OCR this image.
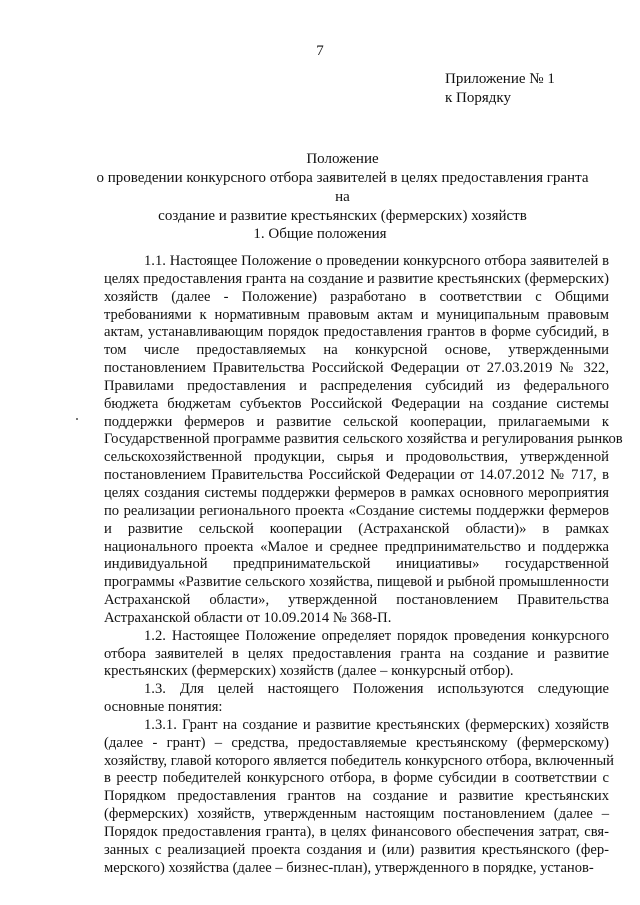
7
Приложение № 1
к Порядку
Положение
о проведении конкурсного отбора заявителей в целях предоставления гранта на
создание и развитие крестьянских (фермерских) хозяйств
1. Общие положения
1.1. Настоящее Положение о проведении конкурсного отбора заявителей в
целях предоставления гранта на создание и развитие крестьянских (фермерских)
хозяйств (далее - Положение) разработано в соответствии с Общими
требованиями к нормативным правовым актам и муниципальным правовым
актам, устанавливающим порядок предоставления грантов в форме субсидий, в
том числе предоставляемых на конкурсной основе, утвержденными
постановлением Правительства Российской Федерации от 27.03.2019 № 322,
Правилами предоставления и распределения субсидий из федерального
бюджета бюджетам субъектов Российской Федерации на создание системы
поддержки фермеров и развитие сельской кооперации, прилагаемыми к
Государственной программе развития сельского хозяйства и регулирования рынков
сельскохозяйственной продукции, сырья и продовольствия, утвержденной
постановлением Правительства Российской Федерации от 14.07.2012 № 717, в
целях создания системы поддержки фермеров в рамках основного мероприятия
по реализации регионального проекта «Создание системы поддержки фермеров
и развитие сельской кооперации (Астраханской области)» в рамках
национального проекта «Малое и среднее предпринимательство и поддержка
индивидуальной предпринимательской инициативы» государственной
программы «Развитие сельского хозяйства, пищевой и рыбной промышленности
Астраханской области», утвержденной постановлением Правительства
Астраханской области от 10.09.2014 № 368-П.
1.2. Настоящее Положение определяет порядок проведения конкурсного
отбора заявителей в целях предоставления гранта на создание и развитие
крестьянских (фермерских) хозяйств (далее – конкурсный отбор).
1.3. Для целей настоящего Положения используются следующие
основные понятия:
1.3.1. Грант на создание и развитие крестьянских (фермерских) хозяйств
(далее - грант) – средства, предоставляемые крестьянскому (фермерскому)
хозяйству, главой которого является победитель конкурсного отбора, включенный
в реестр победителей конкурсного отбора, в форме субсидии в соответствии с
Порядком предоставления грантов на создание и развитие крестьянских
(фермерских) хозяйств, утвержденным настоящим постановлением (далее –
Порядок предоставления гранта), в целях финансового обеспечения затрат, свя-
занных с реализацией проекта создания и (или) развития крестьянского (фер-
мерского) хозяйства (далее – бизнес-план), утвержденного в порядке, установ-
